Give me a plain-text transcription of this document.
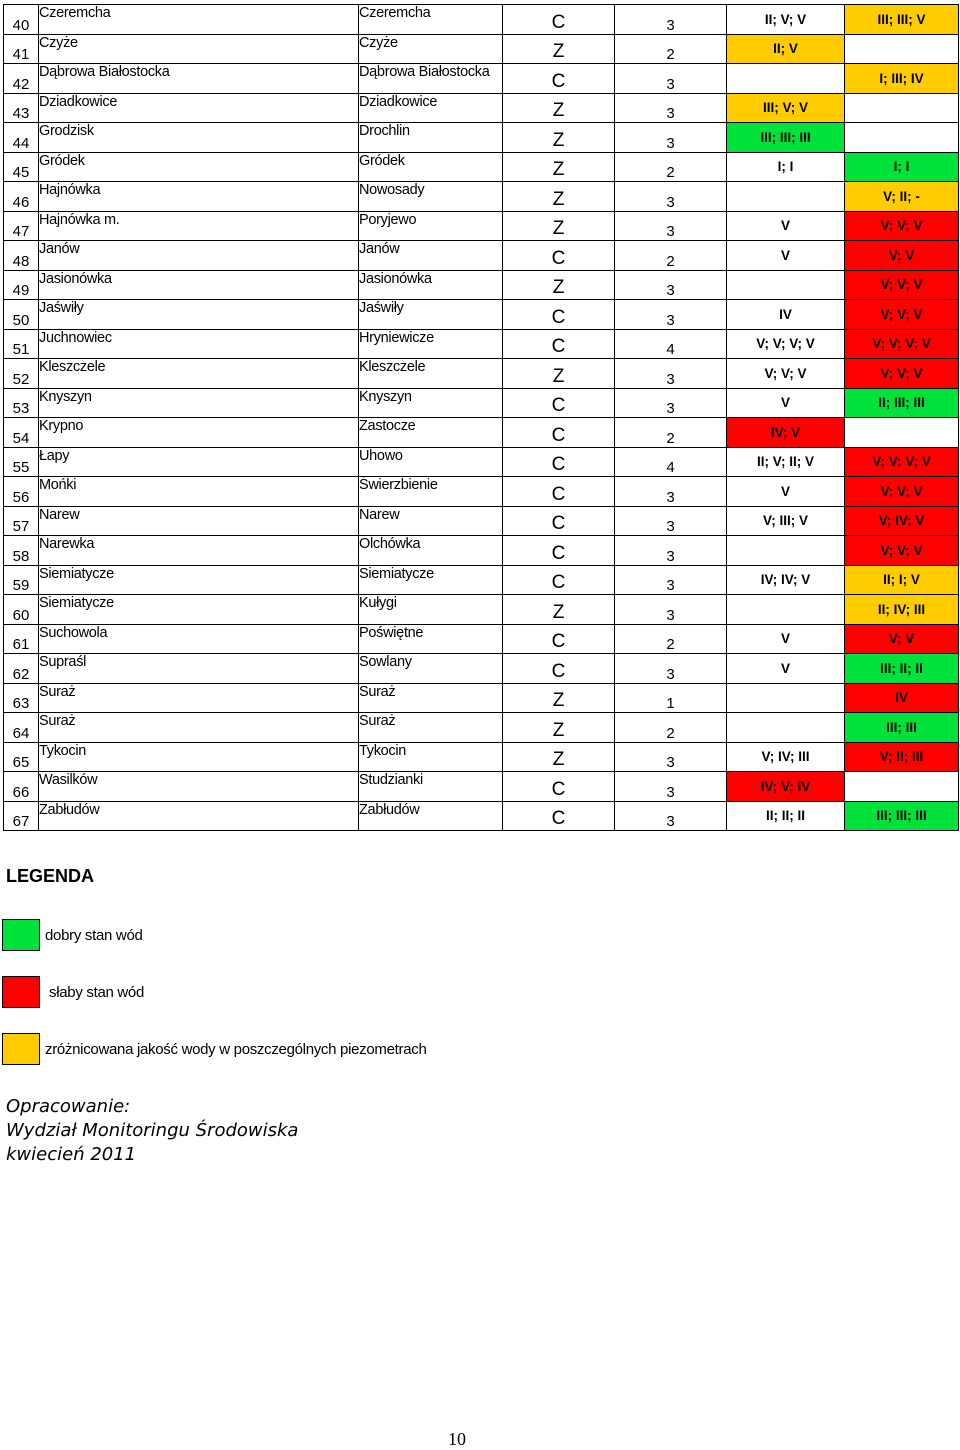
40	Czeremcha	Czeremcha	C	3	II; V; V	III; III; V
41	Czyże	Czyże	Z	2	II; V	
42	Dąbrowa Białostocka	Dąbrowa Białostocka	C	3		I; III; IV
43	Dziadkowice	Dziadkowice	Z	3	III; V; V	
44	Grodzisk	Drochlin	Z	3	III; III; III	
45	Gródek	Gródek	Z	2	I; I	I; I
46	Hajnówka	Nowosady	Z	3		V; II; -
47	Hajnówka m.	Poryjewo	Z	3	V	V; V; V
48	Janów	Janów	C	2	V	V; V
49	Jasionówka	Jasionówka	Z	3		V; V; V
50	Jaświły	Jaświły	C	3	IV	V; V; V
51	Juchnowiec	Hryniewicze	C	4	V; V; V; V	V; V; V; V
52	Kleszczele	Kleszczele	Z	3	V; V; V	V; V; V
53	Knyszyn	Knyszyn	C	3	V	II; III; III
54	Krypno	Zastocze	C	2	IV; V	
55	Łapy	Uhowo	C	4	II; V; II; V	V; V; V; V
56	Mońki	Świerzbienie	C	3	V	V; V; V
57	Narew	Narew	C	3	V; III; V	V; IV; V
58	Narewka	Olchówka	C	3		V; V; V
59	Siemiatycze	Siemiatycze	C	3	IV; IV; V	II; I; V
60	Siemiatycze	Kułygi	Z	3		II; IV; III
61	Suchowola	Poświętne	C	2	V	V; V
62	Supraśl	Sowlany	C	3	V	III; II; II
63	Suraż	Suraż	Z	1		IV
64	Suraż	Suraż	Z	2		III; III
65	Tykocin	Tykocin	Z	3	V; IV; III	V; II; III
66	Wasilków	Studzianki	C	3	IV; V; IV	
67	Zabłudów	Zabłudów	C	3	II; II; II	III; III; III
LEGENDA
dobry stan wód
słaby stan wód
zróżnicowana jakość wody w poszczególnych piezometrach
Opracowanie:
Wydział Monitoringu Środowiska
kwiecień 2011
10
